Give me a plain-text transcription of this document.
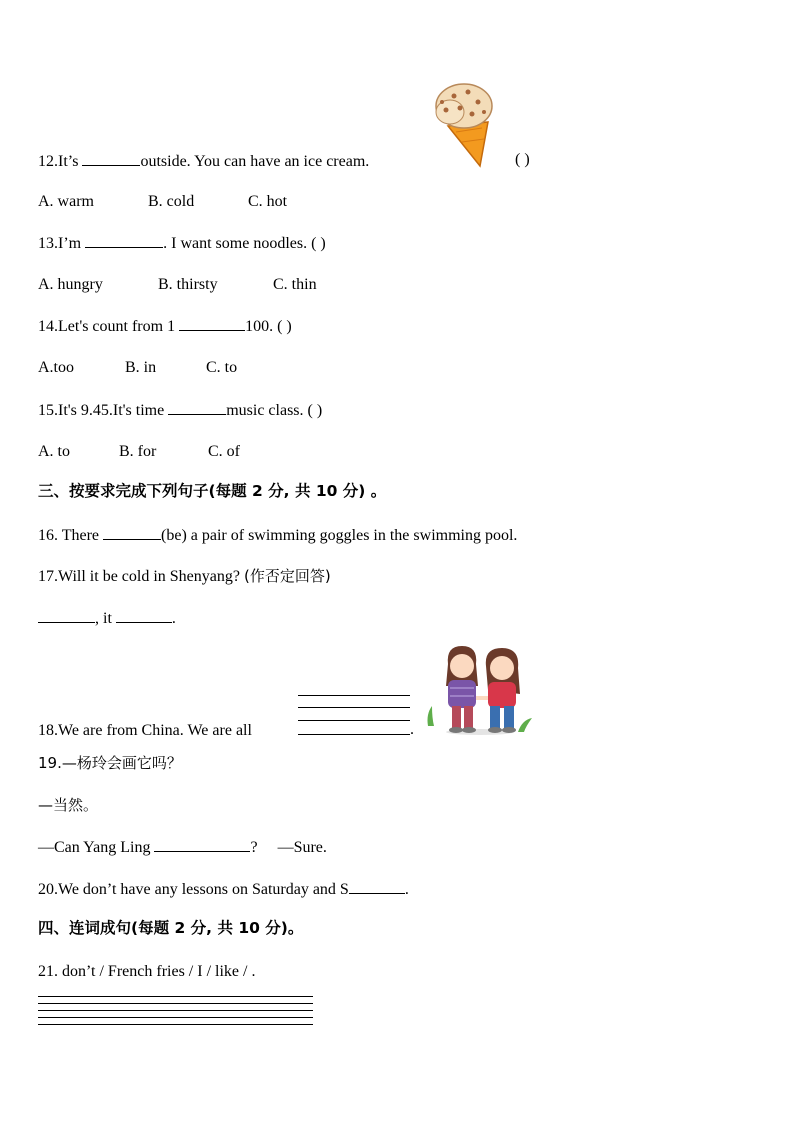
12.It’s	outside. You can have an ice cream.	( )
A. warm	B. cold	C. hot
13.I’m	. I want some noodles. ( )
A. hungry	B. thirsty	C. thin
14.Let's count from 1	100. ( )
A.too	B. in	C. to
15.It's 9.45.It's time	music class. ( )
A. to	B. for	C. of
三、按要求完成下列句子(每题 2 分, 共 10 分) 。
16. There	(be) a pair of swimming goggles in the swimming pool.
17.Will it be cold in Shenyang? (作否定回答)
, it	.
18.We are from China. We are all	.
19.—杨玲会画它吗？
—当然。
—Can Yang Ling	? —Sure.
20.We don’t have any lessons on Saturday and S	.
四、连词成句(每题 2 分, 共 10 分)。
21. don’t / French fries / I / like / .
